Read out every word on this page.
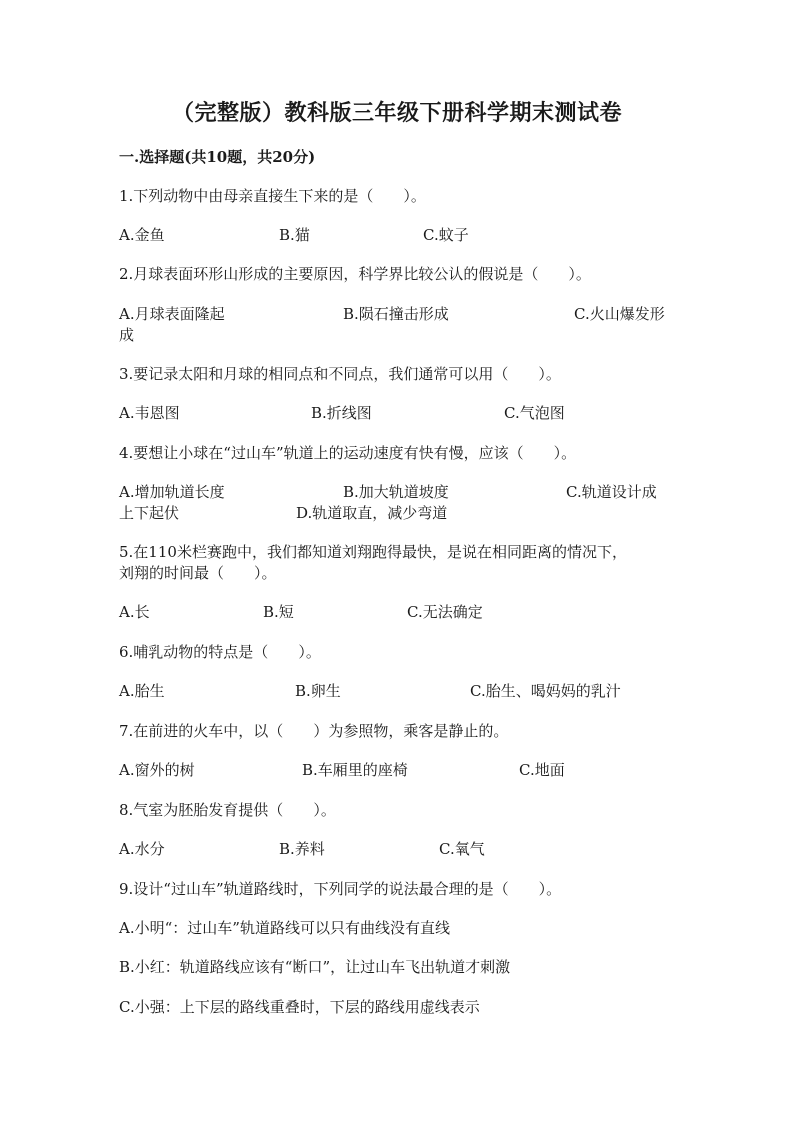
（完整版）教科版三年级下册科学期末测试卷
一.选择题(共10题，共20分)
1.下列动物中由母亲直接生下来的是（　　）。
A.金鱼	B.猫	C.蚊子
2.月球表面环形山形成的主要原因，科学界比较公认的假说是（　　）。
A.月球表面隆起	B.陨石撞击形成	C.火山爆发形
成
3.要记录太阳和月球的相同点和不同点，我们通常可以用（　　）。
A.韦恩图	B.折线图	C.气泡图
4.要想让小球在“过山车”轨道上的运动速度有快有慢，应该（　　）。
A.增加轨道长度	B.加大轨道坡度	C.轨道设计成
上下起伏	D.轨道取直，减少弯道
5.在110米栏赛跑中，我们都知道刘翔跑得最快，是说在相同距离的情况下，
刘翔的时间最（　　）。
A.长	B.短	C.无法确定
6.哺乳动物的特点是（　　）。
A.胎生	B.卵生	C.胎生、喝妈妈的乳汁
7.在前进的火车中，以（　　）为参照物，乘客是静止的。
A.窗外的树	B.车厢里的座椅	C.地面
8.气室为胚胎发育提供（　　）。
A.水分	B.养料	C.氧气
9.设计“过山车”轨道路线时，下列同学的说法最合理的是（　　）。
A.小明“：过山车”轨道路线可以只有曲线没有直线
B.小红：轨道路线应该有“断口”，让过山车飞出轨道才刺激
C.小强：上下层的路线重叠时，下层的路线用虚线表示
